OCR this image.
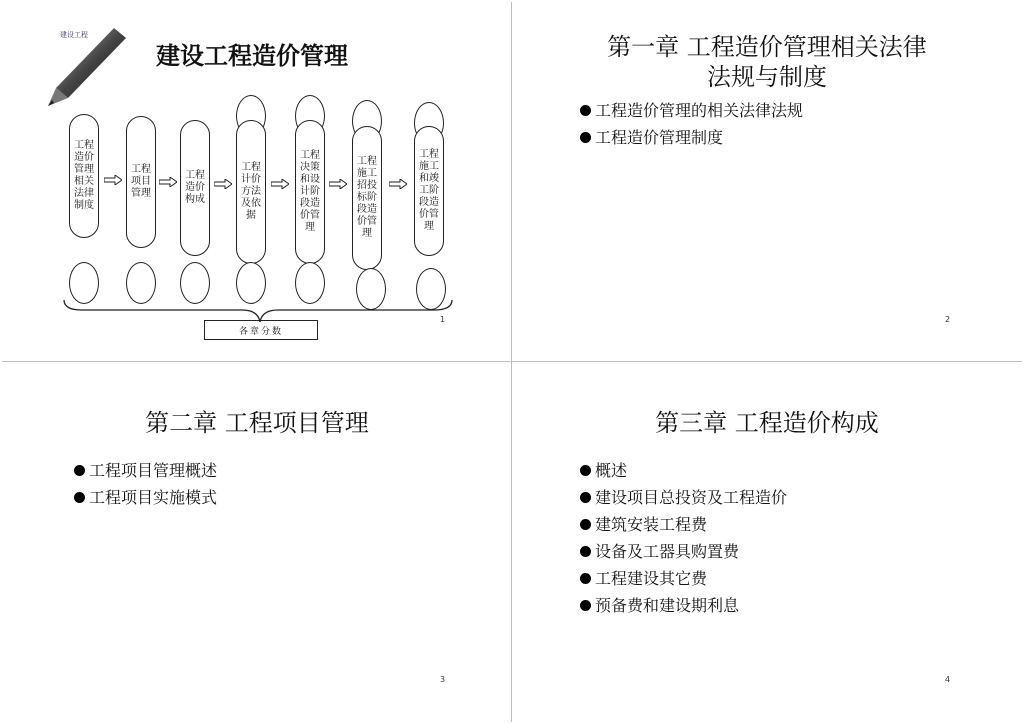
建设工程
建设工程造价管理
工程造价管理相关法律制度
工程项目管理
工程造价构成
工程计价方法及依据
工程决策和设计阶段造价管理
工程施工招投标阶段造价管理
工程施工和竣工阶段造价管理
各章分数
1
第一章 工程造价管理相关法律
法规与制度
工程造价管理的相关法律法规
工程造价管理制度
2
第二章 工程项目管理
工程项目管理概述
工程项目实施模式
3
第三章 工程造价构成
概述
建设项目总投资及工程造价
建筑安装工程费
设备及工器具购置费
工程建设其它费
预备费和建设期利息
4
